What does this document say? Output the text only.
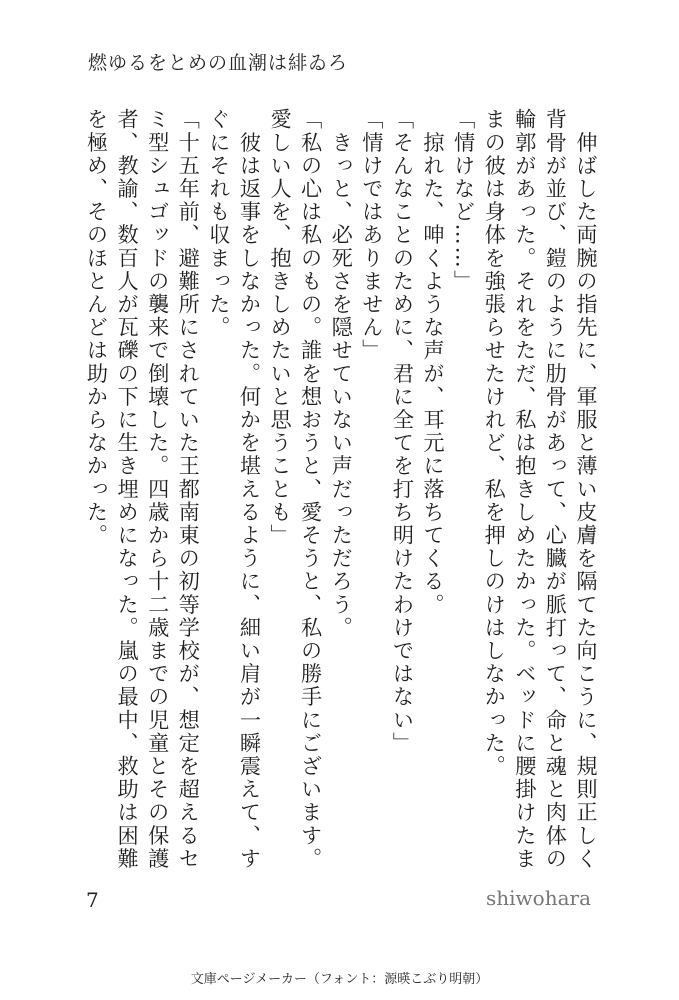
燃ゆるをとめの血潮は緋ゐろ

　伸ばした両腕の指先に、軍服と薄い皮膚を隔てた向こうに、規則正しく背骨が並び、鎧のように肋骨があって、心臓が脈打って、命と魂と肉体の輪郭があった。それをただ、私は抱きしめたかった。ベッドに腰掛けたままの彼は身体を強張らせたけれど、私を押しのけはしなかった。

「情けなど……」

　掠れた、呻くような声が、耳元に落ちてくる。

「そんなことのために、君に全てを打ち明けたわけではない」

「情けではありません」

　きっと、必死さを隠せていない声だっただろう。

「私の心は私のもの。誰を想おうと、愛そうと、私の勝手にございます。愛しい人を、抱きしめたいと思うことも」

　彼は返事をしなかった。何かを堪えるように、細い肩が一瞬震えて、すぐにそれも収まった。

「十五年前、避難所にされていた王都南東の初等学校が、想定を超えるセミ型シュゴッドの襲来で倒壊した。四歳から十二歳までの児童とその保護者、教諭、数百人が瓦礫の下に生き埋めになった。嵐の最中、救助は困難を極め、そのほとんどは助からなかった。

7	shiwohara
文庫ページメーカー（フォント：源暎こぶり明朝）
